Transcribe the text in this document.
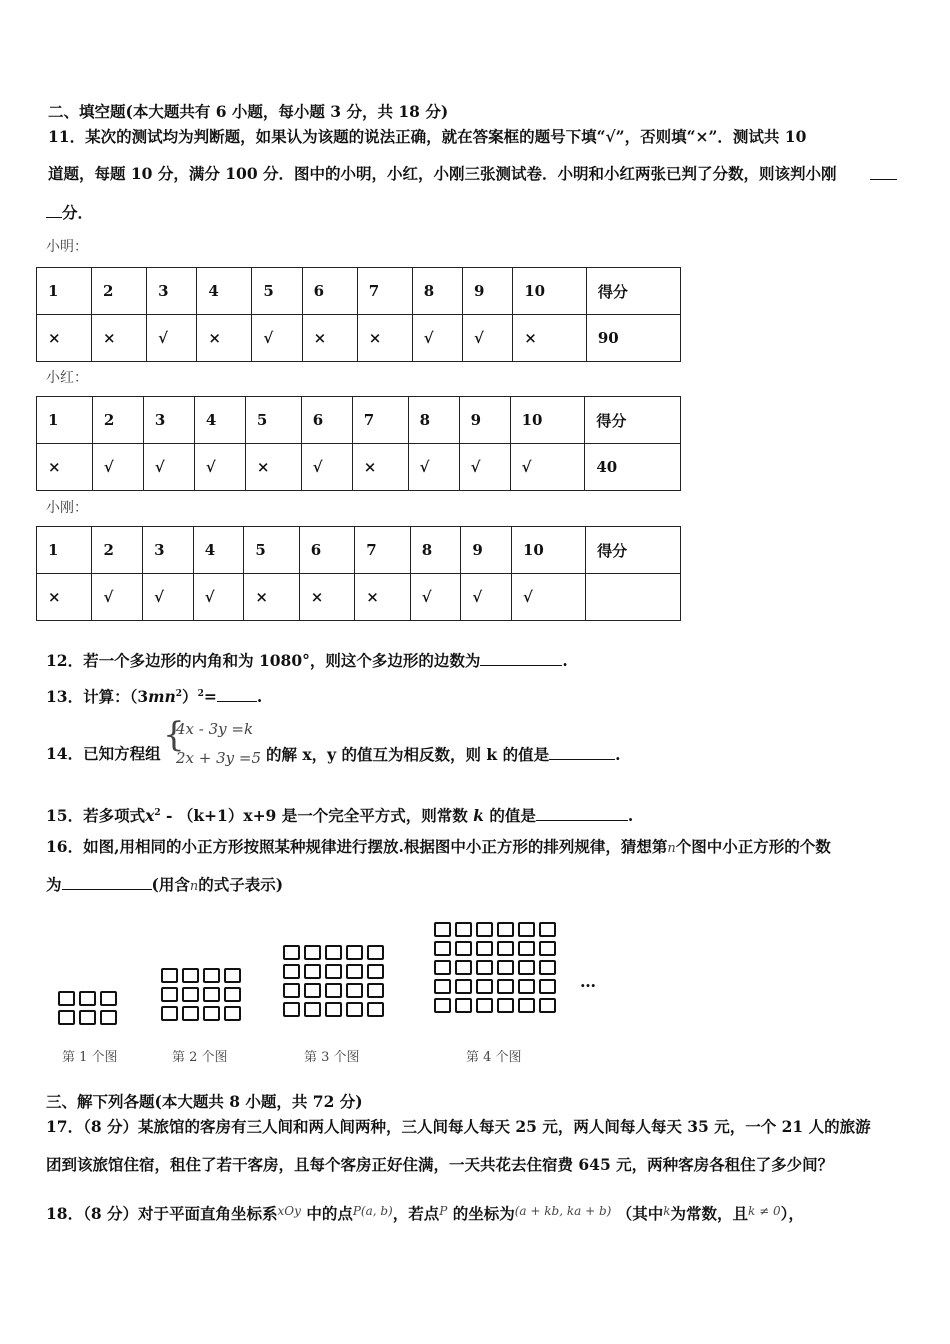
二、填空题(本大题共有 6 小题，每小题 3 分，共 18 分)
11．某次的测试均为判断题，如果认为该题的说法正确，就在答案框的题号下填“√”，否则填“×”．测试共 10
道题，每题 10 分，满分 100 分．图中的小明，小红，小刚三张测试卷．小明和小红两张已判了分数，则该判小刚
分．
小明：
1	2	3	4	5	6	7	8	9	10	得分
×	×	√	×	√	×	×	√	√	×	90
小红：
1	2	3	4	5	6	7	8	9	10	得分
×	√	√	√	×	√	×	√	√	√	40
小刚：
1	2	3	4	5	6	7	8	9	10	得分
×	√	√	√	×	×	×	√	√	√	
12．若一个多边形的内角和为 1080°，则这个多边形的边数为	.
13．计算：$(3mn^2)^2=$	.
14．已知方程组 {
4x - 3y =k
2x + 3y =5 的解 x，y 的值互为相反数，则 k 的值是	.
15．若多项式$x^2 - (k+1)x+9$ 是一个完全平方式，则常数 k 的值是	.
16．如图,用相同的小正方形按照某种规律进行摆放.根据图中小正方形的排列规律，猜想第n个图中小正方形的个数
为	(用含n的式子表示)
…
第 1 个图	第 2 个图	第 3 个图	第 4 个图
三、解下列各题(本大题共 8 小题，共 72 分)
17．（8 分）某旅馆的客房有三人间和两人间两种，三人间每人每天 25 元，两人间每人每天 35 元，一个 21 人的旅游
团到该旅馆住宿，租住了若干客房，且每个客房正好住满，一天共花去住宿费 645 元，两种客房各租住了多少间？
18．（8 分）对于平面直角坐标系$^{xOy}$ 中的点$^{P(a, b)}$，若点$^P$ 的坐标为$^{(a + kb, ka + b)}$ （其中$^k$为常数，且$^{k \ne 0}$），
